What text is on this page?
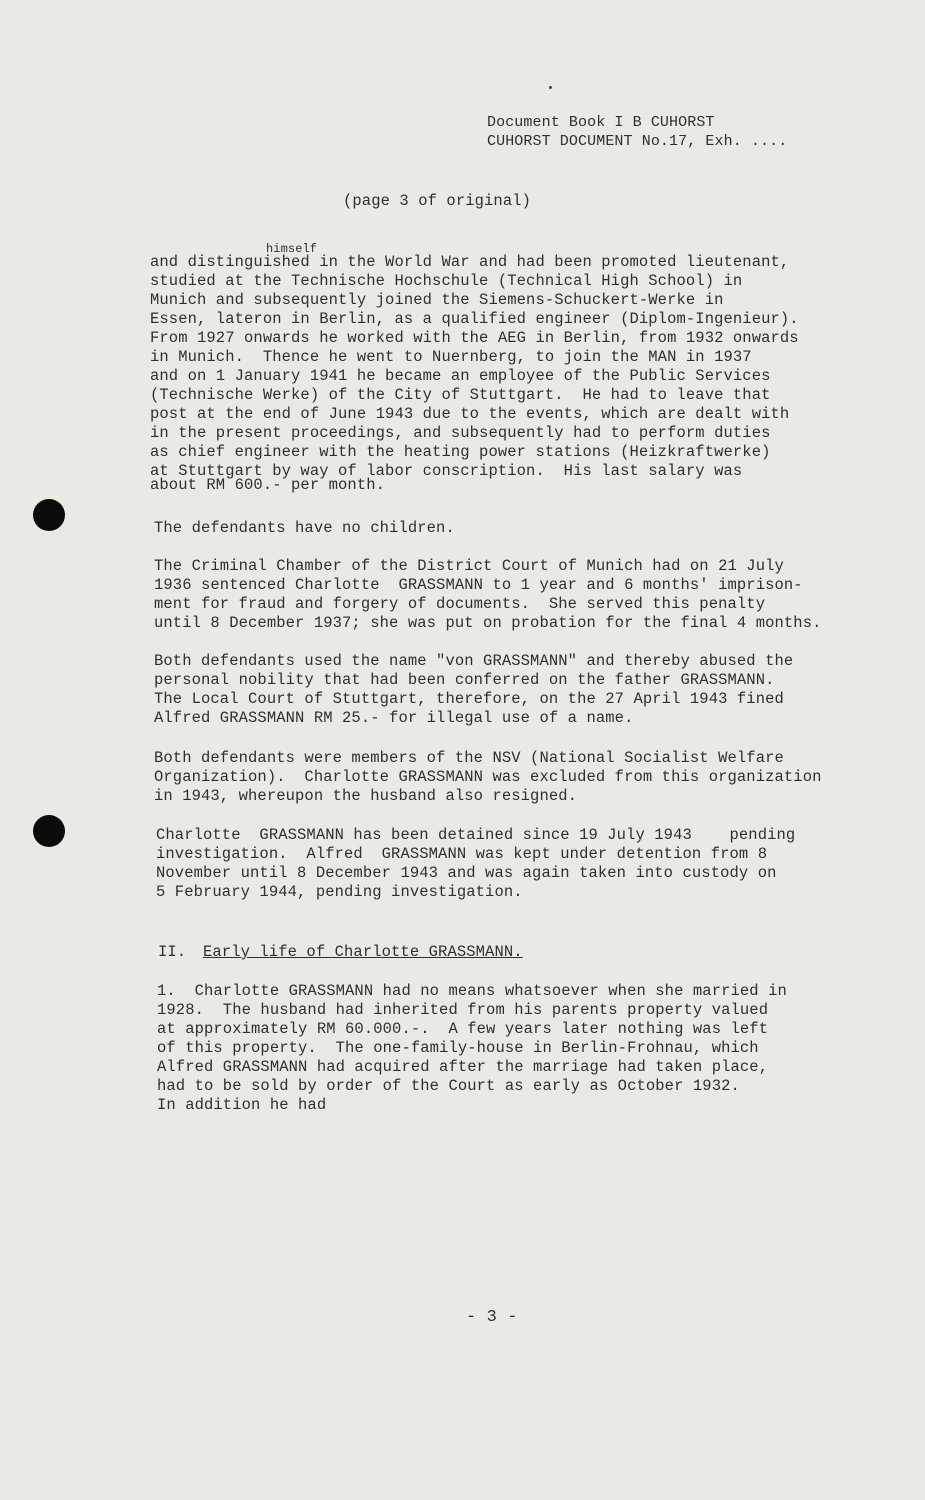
Document Book I B CUHORST
CUHORST DOCUMENT No.17, Exh. ....
(page 3 of original)
himself
and distinguished in the World War and had been promoted lieutenant,
studied at the Technische Hochschule (Technical High School) in
Munich and subsequently joined the Siemens-Schuckert-Werke in
Essen, lateron in Berlin, as a qualified engineer (Diplom-Ingenieur).
From 1927 onwards he worked with the AEG in Berlin, from 1932 onwards
in Munich.  Thence he went to Nuernberg, to join the MAN in 1937
and on 1 January 1941 he became an employee of the Public Services
(Technische Werke) of the City of Stuttgart.  He had to leave that
post at the end of June 1943 due to the events, which are dealt with
in the present proceedings, and subsequently had to perform duties
as chief engineer with the heating power stations (Heizkraftwerke)
at Stuttgart by way of labor conscription.  His last salary was
about RM 600.- per month.
The defendants have no children.
The Criminal Chamber of the District Court of Munich had on 21 July
1936 sentenced Charlotte  GRASSMANN to 1 year and 6 months' imprison-
ment for fraud and forgery of documents.  She served this penalty
until 8 December 1937; she was put on probation for the final 4 months.
Both defendants used the name "von GRASSMANN" and thereby abused the
personal nobility that had been conferred on the father GRASSMANN.
The Local Court of Stuttgart, therefore, on the 27 April 1943 fined
Alfred GRASSMANN RM 25.- for illegal use of a name.
Both defendants were members of the NSV (National Socialist Welfare
Organization).  Charlotte GRASSMANN was excluded from this organization
in 1943, whereupon the husband also resigned.
Charlotte  GRASSMANN has been detained since 19 July 1943    pending
investigation.  Alfred  GRASSMANN was kept under detention from 8
November until 8 December 1943 and was again taken into custody on
5 February 1944, pending investigation.
II. Early life of Charlotte GRASSMANN.
1.  Charlotte GRASSMANN had no means whatsoever when she married in
1928.  The husband had inherited from his parents property valued
at approximately RM 60.000.-.  A few years later nothing was left
of this property.  The one-family-house in Berlin-Frohnau, which
Alfred GRASSMANN had acquired after the marriage had taken place,
had to be sold by order of the Court as early as October 1932.
In addition he had
- 3 -
